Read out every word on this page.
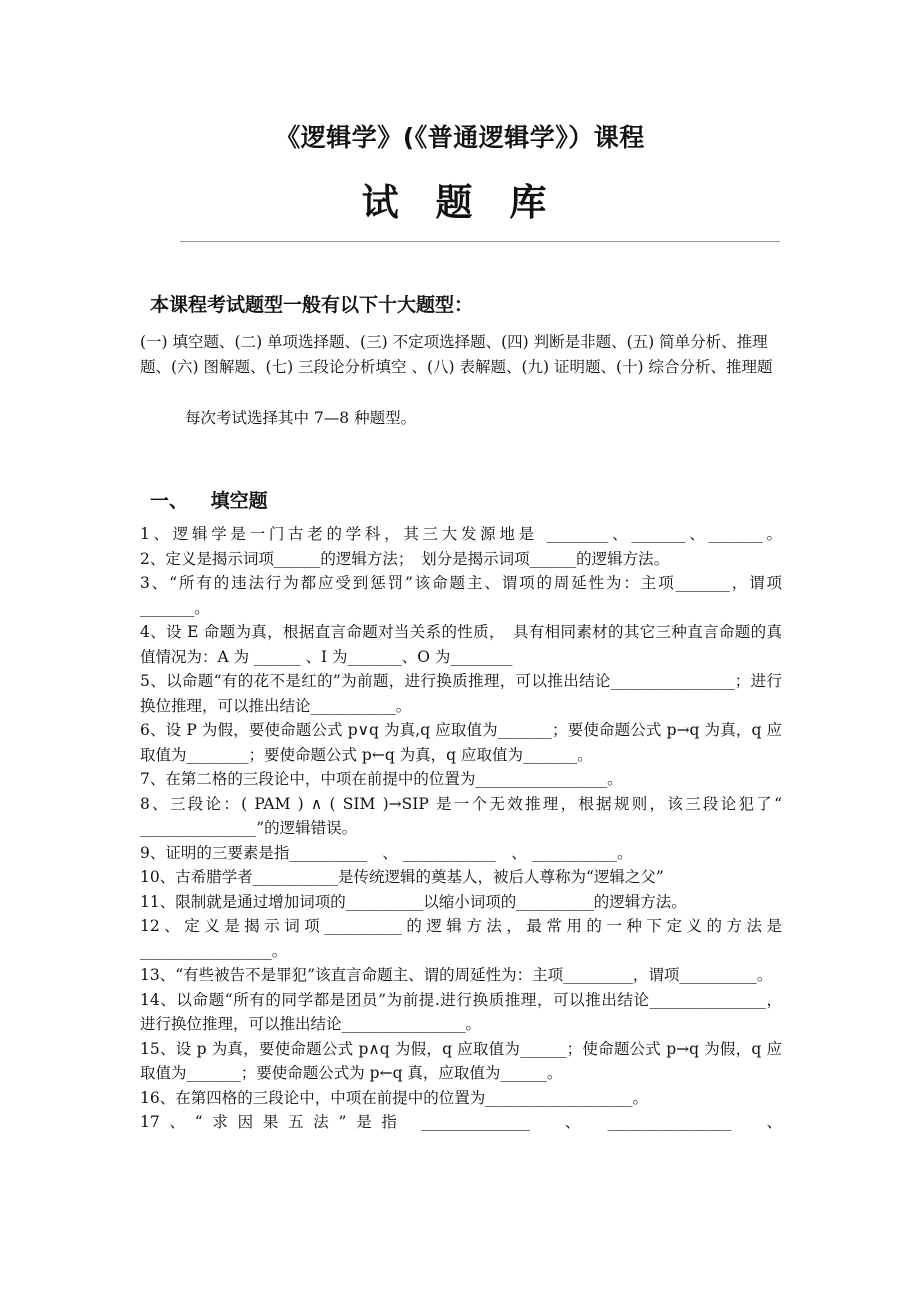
《逻辑学》(《普通逻辑学》）课程
试 题 库
本课程考试题型一般有以下十大题型：
(一) 填空题、(二) 单项选择题、(三) 不定项选择题、(四) 判断是非题、(五) 简单分析、推理题、(六) 图解题、(七) 三段论分析填空 、(八) 表解题、(九) 证明题、(十) 综合分析、推理题
每次考试选择其中 7—8 种题型。
一、 填空题

1、逻辑学是一门古老的学科，其三大发源地是 ________、_______、_______。

2、定义是揭示词项______的逻辑方法；　划分是揭示词项______的逻辑方法。

3、“所有的违法行为都应受到惩罚”该命题主、谓项的周延性为：主项_______，谓项_______。

4、设 E 命题为真，根据直言命题对当关系的性质，　具有相同素材的其它三种直言命题的真值情况为：A 为 ______ 、I 为_______、O 为________

5、以命题“有的花不是红的”为前题，进行换质推理，可以推出结论________________；进行换位推理，可以推出结论___________。

6、设 P 为假，要使命题公式 p∨q 为真,q 应取值为_______；要使命题公式 p→q 为真，q 应取值为________；要使命题公式 p←q 为真，q 应取值为_______。

7、在第二格的三段论中，中项在前提中的位置为_________________。

8、三段论：( PAM ) ∧ ( SIM )→SIP 是一个无效推理，根据规则，该三段论犯了“　_______________”的逻辑错误。

9、证明的三要素是指__________　、 ____________　、 ___________。

10、古希腊学者___________是传统逻辑的奠基人，被后人尊称为“逻辑之父”

11、限制就是通过增加词项的__________以缩小词项的__________的逻辑方法。

12、定义是揭示词项__________的逻辑方法，最常用的一种下定义的方法是_________________。

13、“有些被告不是罪犯”该直言命题主、谓的周延性为：主项_________，谓项__________。

14、以命题“所有的同学都是团员”为前提.进行换质推理，可以推出结论_______________， 进行换位推理，可以推出结论________________。

15、设 p 为真，要使命题公式 p∧q 为假，q 应取值为______；使命题公式 p→q 为假，q 应取值为_______；要使命题公式为 p←q 真，应取值为______。

16、在第四格的三段论中，中项在前提中的位置为___________________。

17、“求因果五法”是指 ______________　、　________________　、
